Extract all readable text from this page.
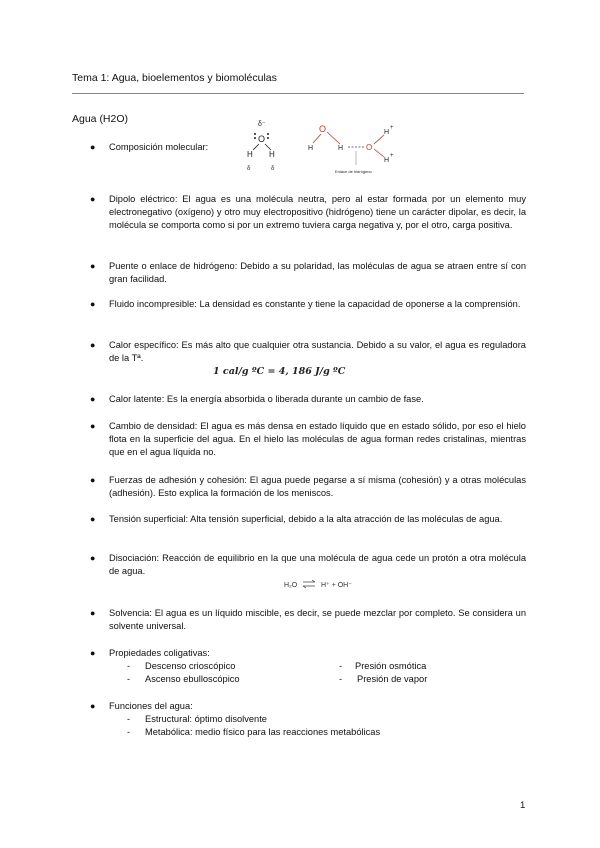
Tema 1: Agua, bioelementos y biomoléculas
Agua (H2O)
● Composición molecular:
δ⁻
O
H H
δ	δ
O
H	H	O
H
+
H
+
Enlace de hidrógeno
● Dipolo eléctrico: El agua es una molécula neutra, pero al estar formada por un elemento muy electronegativo (oxígeno) y otro muy electropositivo (hidrógeno) tiene un carácter dipolar, es decir, la molécula se comporta como si por un extremo tuviera carga negativa y, por el otro, carga positiva.
● Puente o enlace de hidrógeno: Debido a su polaridad, las moléculas de agua se atraen entre sí con gran facilidad.
● Fluido incompresible: La densidad es constante y tiene la capacidad de oponerse a la comprensión.
● Calor específico: Es más alto que cualquier otra sustancia. Debido a su valor, el agua es reguladora de la Tª.
1 cal/g ºC = 4, 186 J/g ºC
● Calor latente: Es la energía absorbida o liberada durante un cambio de fase.
● Cambio de densidad: El agua es más densa en estado líquido que en estado sólido, por eso el hielo flota en la superficie del agua. En el hielo las moléculas de agua forman redes cristalinas, mientras que en el agua líquida no.
● Fuerzas de adhesión y cohesión: El agua puede pegarse a sí misma (cohesión) y a otras moléculas (adhesión). Esto explica la formación de los meniscos.
● Tensión superficial: Alta tensión superficial, debido a la alta atracción de las moléculas de agua.
● Disociación: Reacción de equilibrio en la que una molécula de agua cede un protón a otra molécula de agua.
H₂O	H⁺ + OH⁻
● Solvencia: El agua es un líquido miscible, es decir, se puede mezclar por completo. Se considera un solvente universal.
● Propiedades coligativas:
- Descenso crioscópico	- Presión osmótica
- Ascenso ebulloscópico	- Presión de vapor
● Funciones del agua:
- Estructural: óptimo disolvente
- Metabólica: medio físico para las reacciones metabólicas
1
